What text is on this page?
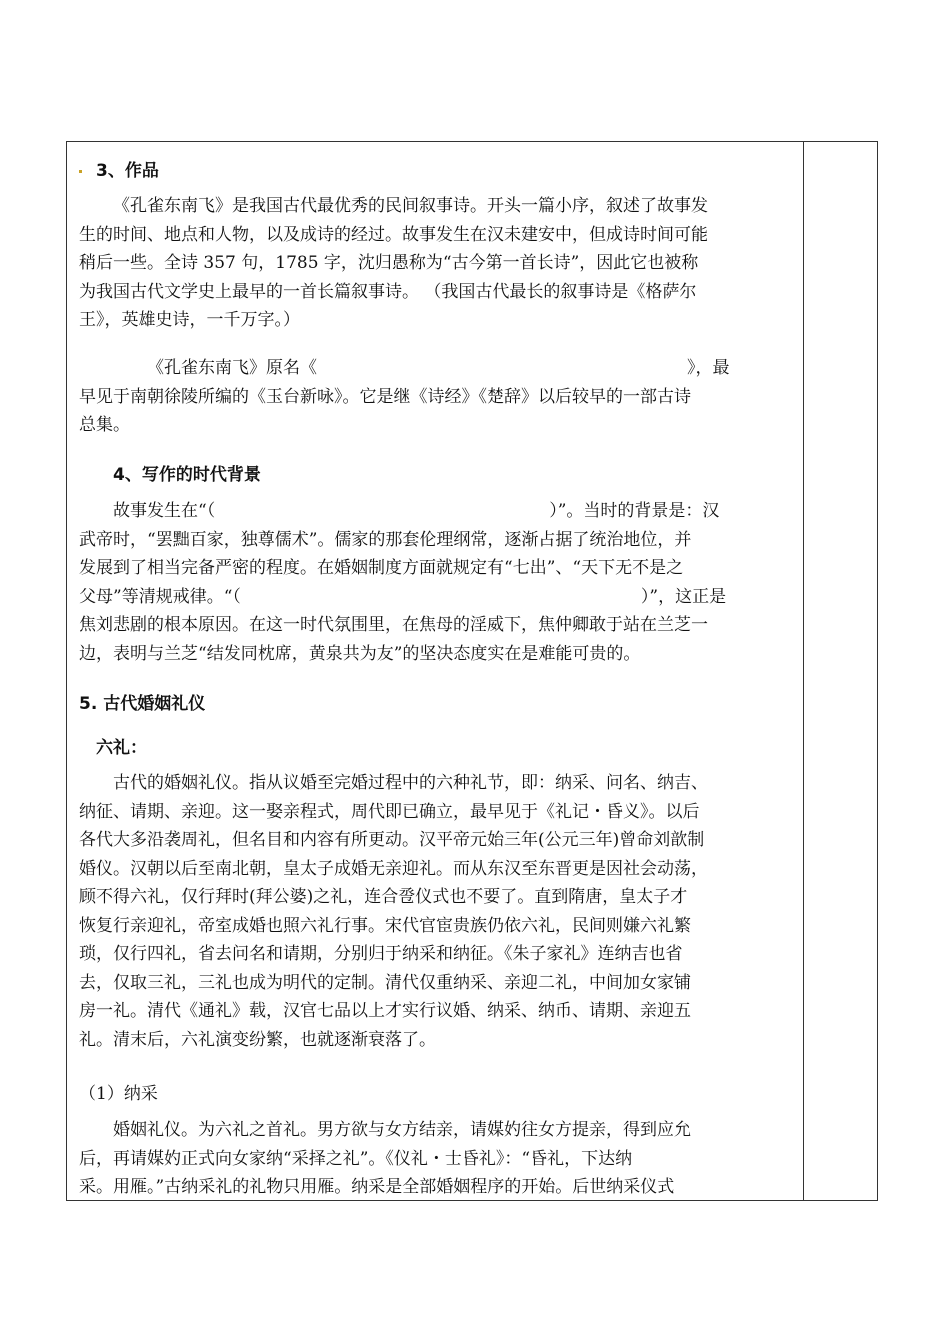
3、作品
《孔雀东南飞》是我国古代最优秀的民间叙事诗。开头一篇小序，叙述了故事发
生的时间、地点和人物，以及成诗的经过。故事发生在汉未建安中，但成诗时间可能
稍后一些。全诗 357 句，1785 字，沈归愚称为“古今第一首长诗”，因此它也被称
为我国古代文学史上最早的一首长篇叙事诗。 （我国古代最长的叙事诗是《格萨尔
王》，英雄史诗，一千万字。）
《孔雀东南飞》原名《	》，最
早见于南朝徐陵所编的《玉台新咏》。它是继《诗经》《楚辞》以后较早的一部古诗
总集。
4、写作的时代背景
故事发生在“（	）”。当时的背景是：汉
武帝时，“罢黜百家，独尊儒术”。儒家的那套伦理纲常，逐渐占据了统治地位，并
发展到了相当完备严密的程度。在婚姻制度方面就规定有“七出”、“天下无不是之
父母”等清规戒律。“（	）”，这正是
焦刘悲剧的根本原因。在这一时代氛围里，在焦母的淫威下，焦仲卿敢于站在兰芝一
边，表明与兰芝“结发同枕席，黄泉共为友”的坚决态度实在是难能可贵的。
5. 古代婚姻礼仪
六礼：
古代的婚姻礼仪。指从议婚至完婚过程中的六种礼节，即：纳采、问名、纳吉、
纳征、请期、亲迎。这一娶亲程式，周代即已确立，最早见于《礼记・昏义》。以后
各代大多沿袭周礼，但名目和内容有所更动。汉平帝元始三年(公元三年)曾命刘歆制
婚仪。汉朝以后至南北朝，皇太子成婚无亲迎礼。而从东汉至东晋更是因社会动荡，
顾不得六礼，仅行拜时(拜公婆)之礼，连合卺仪式也不要了。直到隋唐，皇太子才
恢复行亲迎礼，帝室成婚也照六礼行事。宋代官宦贵族仍依六礼，民间则嫌六礼繁
琐，仅行四礼，省去问名和请期，分别归于纳采和纳征。《朱子家礼》连纳吉也省
去，仅取三礼，三礼也成为明代的定制。清代仅重纳采、亲迎二礼，中间加女家铺
房一礼。清代《通礼》载，汉官七品以上才实行议婚、纳采、纳币、请期、亲迎五
礼。清末后，六礼演变纷繁，也就逐渐衰落了。
（1）纳采
婚姻礼仪。为六礼之首礼。男方欲与女方结亲，请媒妁往女方提亲，得到应允
后，再请媒妁正式向女家纳“采择之礼”。《仪礼・士昏礼》：“昏礼，下达纳
采。用雁。”古纳采礼的礼物只用雁。纳采是全部婚姻程序的开始。后世纳采仪式
